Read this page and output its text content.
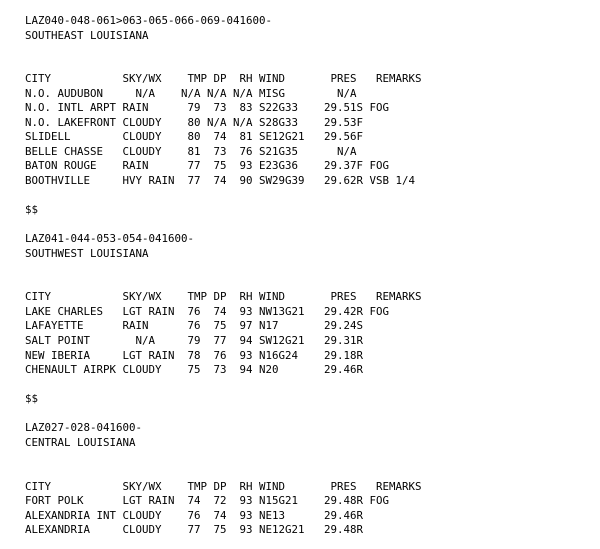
LAZ040-048-061>063-065-066-069-041600-
SOUTHEAST LOUISIANA
CITY           SKY/WX    TMP DP  RH WIND       PRES   REMARKS
N.O. AUDUBON     N/A    N/A N/A N/A MISG        N/A
N.O. INTL ARPT RAIN      79  73  83 S22G33    29.51S FOG
N.O. LAKEFRONT CLOUDY    80 N/A N/A S28G33    29.53F
SLIDELL        CLOUDY    80  74  81 SE12G21   29.56F
BELLE CHASSE   CLOUDY    81  73  76 S21G35      N/A
BATON ROUGE    RAIN      77  75  93 E23G36    29.37F FOG
BOOTHVILLE     HVY RAIN  77  74  90 SW29G39   29.62R VSB 1/4
$$
LAZ041-044-053-054-041600-
SOUTHWEST LOUISIANA
CITY           SKY/WX    TMP DP  RH WIND       PRES   REMARKS
LAKE CHARLES   LGT RAIN  76  74  93 NW13G21   29.42R FOG
LAFAYETTE      RAIN      76  75  97 N17       29.24S
SALT POINT       N/A     79  77  94 SW12G21   29.31R
NEW IBERIA     LGT RAIN  78  76  93 N16G24    29.18R
CHENAULT AIRPK CLOUDY    75  73  94 N20       29.46R
$$
LAZ027-028-041600-
CENTRAL LOUISIANA
CITY           SKY/WX    TMP DP  RH WIND       PRES   REMARKS
FORT POLK      LGT RAIN  74  72  93 N15G21    29.48R FOG
ALEXANDRIA INT CLOUDY    76  74  93 NE13      29.46R
ALEXANDRIA     CLOUDY    77  75  93 NE12G21   29.48R
